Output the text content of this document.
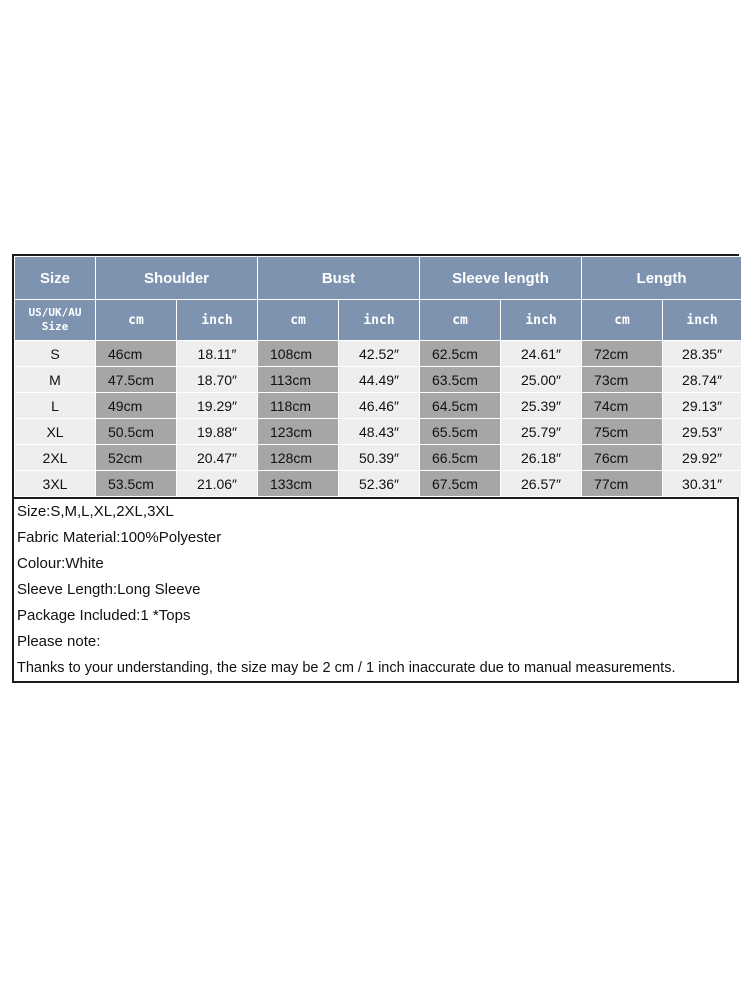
Size	Shoulder		Bust		Sleeve length		Length	

US/UK/AU
Size	cm	inch	cm	inch	cm	inch	cm	inch
S	46cm	18.11″	108cm	42.52″	62.5cm	24.61″	72cm	28.35″
M	47.5cm	18.70″	113cm	44.49″	63.5cm	25.00″	73cm	28.74″
L	49cm	19.29″	118cm	46.46″	64.5cm	25.39″	74cm	29.13″
XL	50.5cm	19.88″	123cm	48.43″	65.5cm	25.79″	75cm	29.53″
2XL	52cm	20.47″	128cm	50.39″	66.5cm	26.18″	76cm	29.92″
3XL	53.5cm	21.06″	133cm	52.36″	67.5cm	26.57″	77cm	30.31″
Size:S,M,L,XL,2XL,3XL
Fabric Material:100%Polyester
Colour:White
Sleeve Length:Long Sleeve
Package Included:1 *Tops
Please note:
Thanks to your understanding, the size may be 2 cm / 1 inch inaccurate due to manual measurements.
